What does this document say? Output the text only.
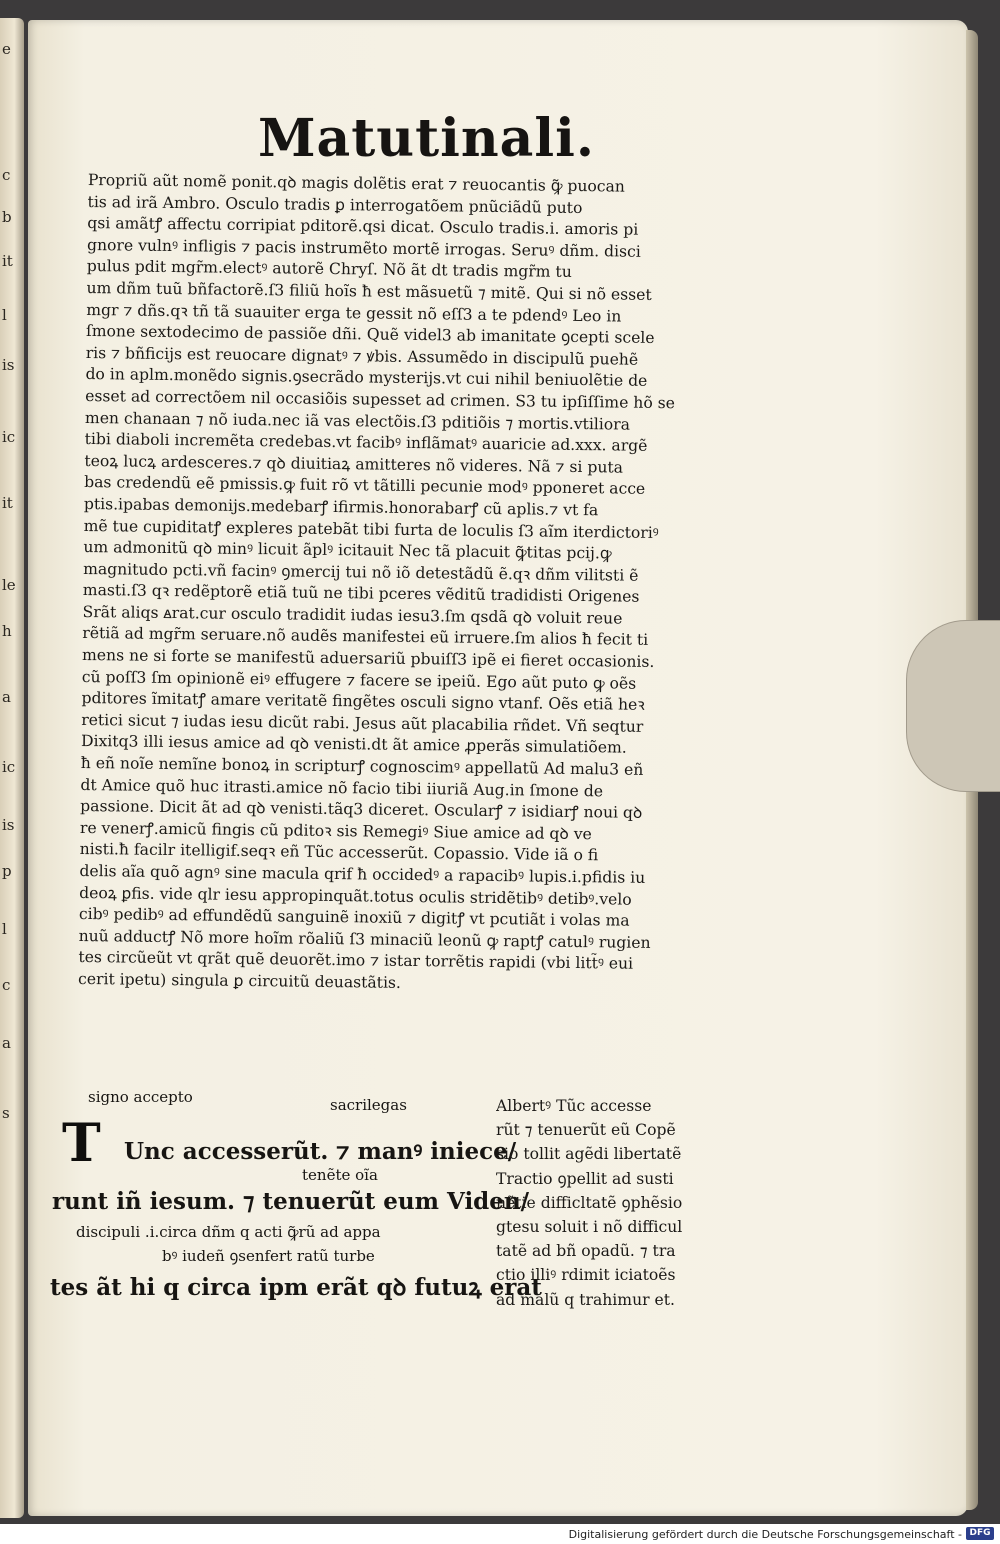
e
c
b
it
l
is
ic
it
le
h
a
ic
is
p
l
c
a
s
Matutinali.
Propriũ aũt nomẽ ponit.qꝺ magis dolẽtis erat ⁊ reuocantis ꝙ̃ puocan
tis ad irã Ambro. Osculo tradis ꝑ interrogatõem pnũciãdũ puto
qsi amãtꝭ affectu corripiat pditorẽ.qsi dicat. Osculo tradis.i. amoris pi
gnore vulnꝰ infligis ⁊ pacis instrumẽto mortẽ irrogas. Seruꝰ dñm. disci
pulus pdit mgr̃m.electꝰ autorẽ Chryſ. Nõ ãt dt tradis mgr̃m tu
um dñm tuũ bñfactorẽ.ſ3 filiũ hoĩs ħ est mãsuetũ ⁊ mitẽ. Qui si nõ esset
mgr ⁊ dñs.qꝛ tñ tã suauiter erga te gessit nõ eſſ3 a te pdendꝰ Leo in
ſmone sextodecimo de passiõe dñi. Quẽ videl3 ab imanitate ꝯcepti scele
ris ⁊ bñficijs est reuocare dignatꝰ ⁊ ꝟbis. Assumẽdo in discipulũ puehẽ
do in aplm.monẽdo signis.ꝯsecrãdo mysterijs.vt cui nihil beniuolẽtie de
esset ad correctõem nil occasiõis supesset ad crimen. S3 tu ipſiſſime hõ se
men chanaan ⁊ nõ iuda.nec iã vas electõis.ſ3 pditiõis ⁊ mortis.vtiliora
tibi diaboli incremẽta credebas.vt facibꝰ inflãmatꝰ auaricie ad.xxx. argẽ
teoꝝ lucꝝ ardesceres.⁊ qꝺ diuitiaꝝ amitteres nõ videres. Nã ⁊ si puta
bas credendũ eẽ pmissis.ꝙ fuit rõ vt tãtilli pecunie modꝰ pponeret acce
ptis.ipabas demonijs.medebarꝭ ifirmis.honorabarꝭ cũ aplis.⁊ vt fa
mẽ tue cupiditatꝭ expleres patebãt tibi furta de loculis ſ3 aĩm iterdictoriꝰ
um admonitũ qꝺ minꝰ licuit ãplꝰ icitauit Nec tã placuit ꝙ̃titas pcij.ꝙ
magnitudo pcti.vñ facinꝰ ꝯmercij tui nõ iõ detestãdũ ẽ.qꝛ dñm vilitsti ẽ
masti.ſ3 qꝛ redẽptorẽ etiã tuũ ne tibi pceres vẽditũ tradidisti Origenes
Srãt aliqs ꙙrat.cur osculo tradidit iudas iesu3.ſm qsdã qꝺ voluit reue
rẽtiã ad mgr̃m seruare.nõ audẽs manifestei eũ irruere.ſm alios ħ fecit ti
mens ne si forte se manifestũ aduersariũ pbuiſſ3 ipẽ ei fieret occasionis.
cũ poſſ3 ſm opinionẽ eiꝰ effugere ⁊ facere se ipeiũ. Ego aũt puto ꝙ oẽs
pditores ĩmitatꝭ amare veritatẽ fingẽtes osculi signo vtanf. Oẽs etiã heꝛ
retici sicut ⁊ iudas iesu dicũt rabi. Jesus aũt placabilia rñdet. Vñ seqtur
Dixitq3 illi iesus amice ad qꝺ venisti.dt ãt amice ꝓperãs simulatiõem.
ħ eñ noĩe nemĩne bonoꝝ in scripturꝭ cognoscimꝰ appellatũ Ad malu3 eñ
dt Amice quõ huc itrasti.amice nõ facio tibi iiuriã Aug.in ſmone de
passione. Dicit ãt ad qꝺ venisti.tãq3 diceret. Oscularꝭ ⁊ isidiarꝭ noui qꝺ
re venerꝭ.amicũ fingis cũ pditoꝛ sis Remegiꝰ Siue amice ad qꝺ ve
nisti.ħ facilr itelligif.seqꝛ eñ Tũc accesserũt. Copassio. Vide iã o fi
delis aĩa quõ agnꝰ sine macula qrif ħ occidedꝰ a rapacibꝰ lupis.i.pfidis iu
deoꝝ ꝑfis. vide qlr iesu appropinquãt.totus oculis stridẽtibꝰ detibꝰ.velo
cibꝰ pedibꝰ ad effundẽdũ sanguinẽ inoxiũ ⁊ digitꝭ vt pcutiãt i volas ma
nuũ adductꝭ Nõ more hoĩm rõaliũ ſ3 minaciũ leonũ ꝙ raptꝭ catulꝰ rugien
tes circũeũt vt qrãt quẽ deuorẽt.imo ⁊ istar torrẽtis rapidi (vbi litt̃ꝰ eui
cerit ipetu) singula ꝑ circuitũ deuastãtis.
signo accepto	sacrilegas
T Unc accesserũt. ⁊ manꝰ iniece/
tenẽte oĩa
runt iñ iesum. ⁊ tenuerũt eum Viden/
discipuli .i.circa dñm q acti ꝙ̃rũ ad appa
bꝰ iudeñ ꝯsenfert ratũ turbe
tes ãt hi q circa ipm erãt qꝺ futuꝝ erat
Albertꝰ Tũc accesse
rũt ⁊ tenuerũt eũ Copẽ
sio tollit agẽdi libertatẽ
Tractio ꝯpellit ad susti
nẽtie difficltatẽ ꝯphẽsio
gtesu soluit i nõ difficul
tatẽ ad bñ opadũ. ⁊ tra
ctio illiꝰ rdimit iciatoẽs
ad malũ q trahimur et.
Digitalisierung gefördert durch die Deutsche Forschungsgemeinschaft - DFG
